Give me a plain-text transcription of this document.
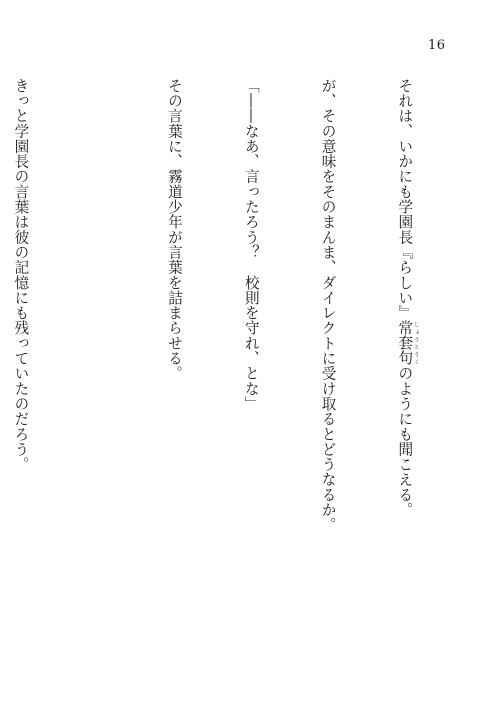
16

それは、いかにも学園長『らしい』常套句 じょうとうくのようにも聞こえる。

が、その意味をそのまんま、ダイレクトに受け取るとどうなるか。

「――なあ、言ったろう？　校則を守れ、とな」

その言葉に、霧道少年が言葉を詰まらせる。

きっと学園長の言葉は彼の記憶にも残っていたのだろう。
